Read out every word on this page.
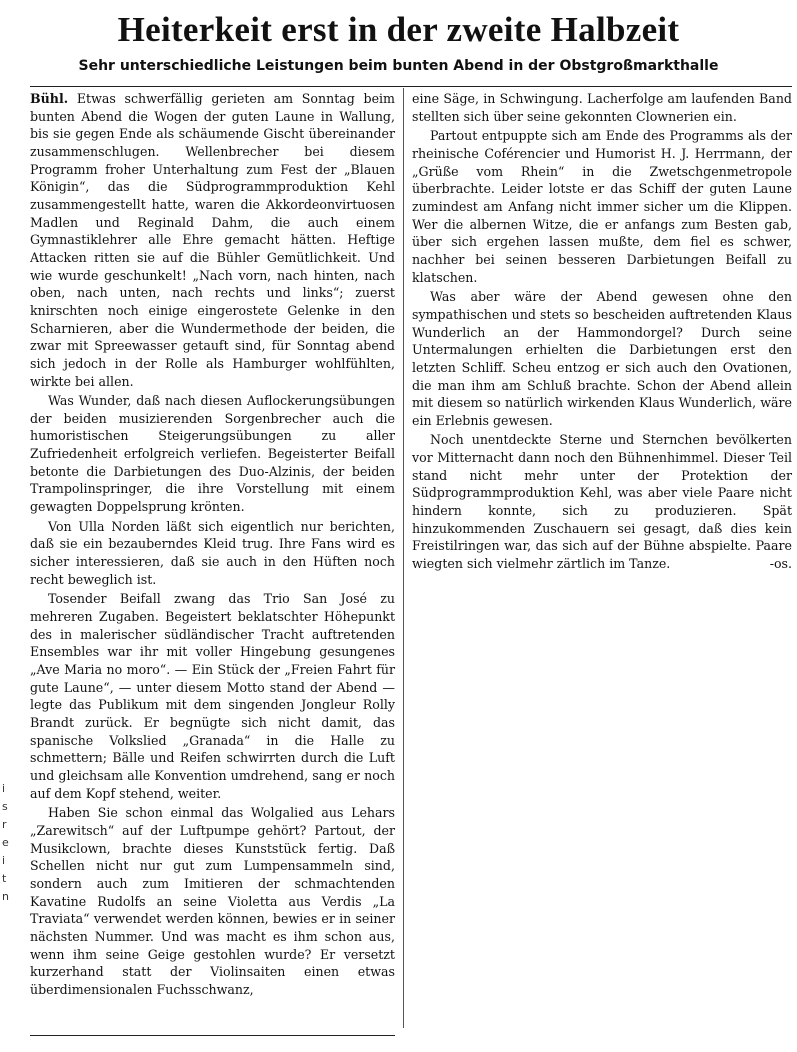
Heiterkeit erst in der zweite Halbzeit
Sehr unterschiedliche Leistungen beim bunten Abend in der Obstgroßmarkthalle

Bühl. Etwas schwerfällig gerieten am Sonntag beim bunten Abend die Wogen der guten Laune in Wallung, bis sie gegen Ende als schäumende Gischt übereinander zusammenschlugen. Wellenbrecher bei diesem Programm froher Unterhaltung zum Fest der „Blauen Königin“, das die Südprogrammproduktion Kehl zusammengestellt hatte, waren die Akkordeonvirtuosen Madlen und Reginald Dahm, die auch einem Gymnastiklehrer alle Ehre gemacht hätten. Heftige Attacken ritten sie auf die Bühler Gemütlichkeit. Und wie wurde geschunkelt! „Nach vorn, nach hinten, nach oben, nach unten, nach rechts und links“; zuerst knirschten noch einige eingerostete Gelenke in den Scharnieren, aber die Wundermethode der beiden, die zwar mit Spreewasser getauft sind, für Sonntag abend sich jedoch in der Rolle als Hamburger wohlfühlten, wirkte bei allen.

Was Wunder, daß nach diesen Auflockerungsübungen der beiden musizierenden Sorgenbrecher auch die humoristischen Steigerungsübungen zu aller Zufriedenheit erfolgreich verliefen. Begeisterter Beifall betonte die Darbietungen des Duo-Alzinis, der beiden Trampolinspringer, die ihre Vorstellung mit einem gewagten Doppelsprung krönten.

Von Ulla Norden läßt sich eigentlich nur berichten, daß sie ein bezauberndes Kleid trug. Ihre Fans wird es sicher interessieren, daß sie auch in den Hüften noch recht beweglich ist.

Tosender Beifall zwang das Trio San José zu mehreren Zugaben. Begeistert beklatschter Höhepunkt des in malerischer südländischer Tracht auftretenden Ensembles war ihr mit voller Hingebung gesungenes „Ave Maria no moro“. — Ein Stück der „Freien Fahrt für gute Laune“, — unter diesem Motto stand der Abend — legte das Publikum mit dem singenden Jongleur Rolly Brandt zurück. Er begnügte sich nicht damit, das spanische Volkslied „Granada“ in die Halle zu schmettern; Bälle und Reifen schwirrten durch die Luft und gleichsam alle Konvention umdrehend, sang er noch auf dem Kopf stehend, weiter.

Haben Sie schon einmal das Wolgalied aus Lehars „Zarewitsch“ auf der Luftpumpe gehört? Partout, der Musikclown, brachte dieses Kunststück fertig. Daß Schellen nicht nur gut zum Lumpensammeln sind, sondern auch zum Imitieren der schmachtenden Kavatine Rudolfs an seine Violetta aus Verdis „La Traviata“ verwendet werden können, bewies er in seiner nächsten Nummer. Und was macht es ihm schon aus, wenn ihm seine Geige gestohlen wurde? Er versetzt kurzerhand statt der Violinsaiten einen etwas überdimensionalen Fuchsschwanz,

eine Säge, in Schwingung. Lacherfolge am laufenden Band stellten sich über seine gekonnten Clownerien ein.

Partout entpuppte sich am Ende des Programms als der rheinische Coférencier und Humorist H. J. Herrmann, der „Grüße vom Rhein“ in die Zwetschgenmetropole überbrachte. Leider lotste er das Schiff der guten Laune zumindest am Anfang nicht immer sicher um die Klippen. Wer die albernen Witze, die er anfangs zum Besten gab, über sich ergehen lassen mußte, dem fiel es schwer, nachher bei seinen besseren Darbietungen Beifall zu klatschen.

Was aber wäre der Abend gewesen ohne den sympathischen und stets so bescheiden auftretenden Klaus Wunderlich an der Hammondorgel? Durch seine Untermalungen erhielten die Darbietungen erst den letzten Schliff. Scheu entzog er sich auch den Ovationen, die man ihm am Schluß brachte. Schon der Abend allein mit diesem so natürlich wirkenden Klaus Wunderlich, wäre ein Erlebnis gewesen.

Noch unentdeckte Sterne und Sternchen bevölkerten vor Mitternacht dann noch den Bühnenhimmel. Dieser Teil stand nicht mehr unter der Protektion der Südprogrammproduktion Kehl, was aber viele Paare nicht hindern konnte, sich zu produzieren. Spät hinzukommenden Zuschauern sei gesagt, daß dies kein Freistilringen war, das sich auf der Bühne abspielte. Paare wiegten sich vielmehr zärtlich im Tanze.	-os.

i
s
r
e
i
t
n
